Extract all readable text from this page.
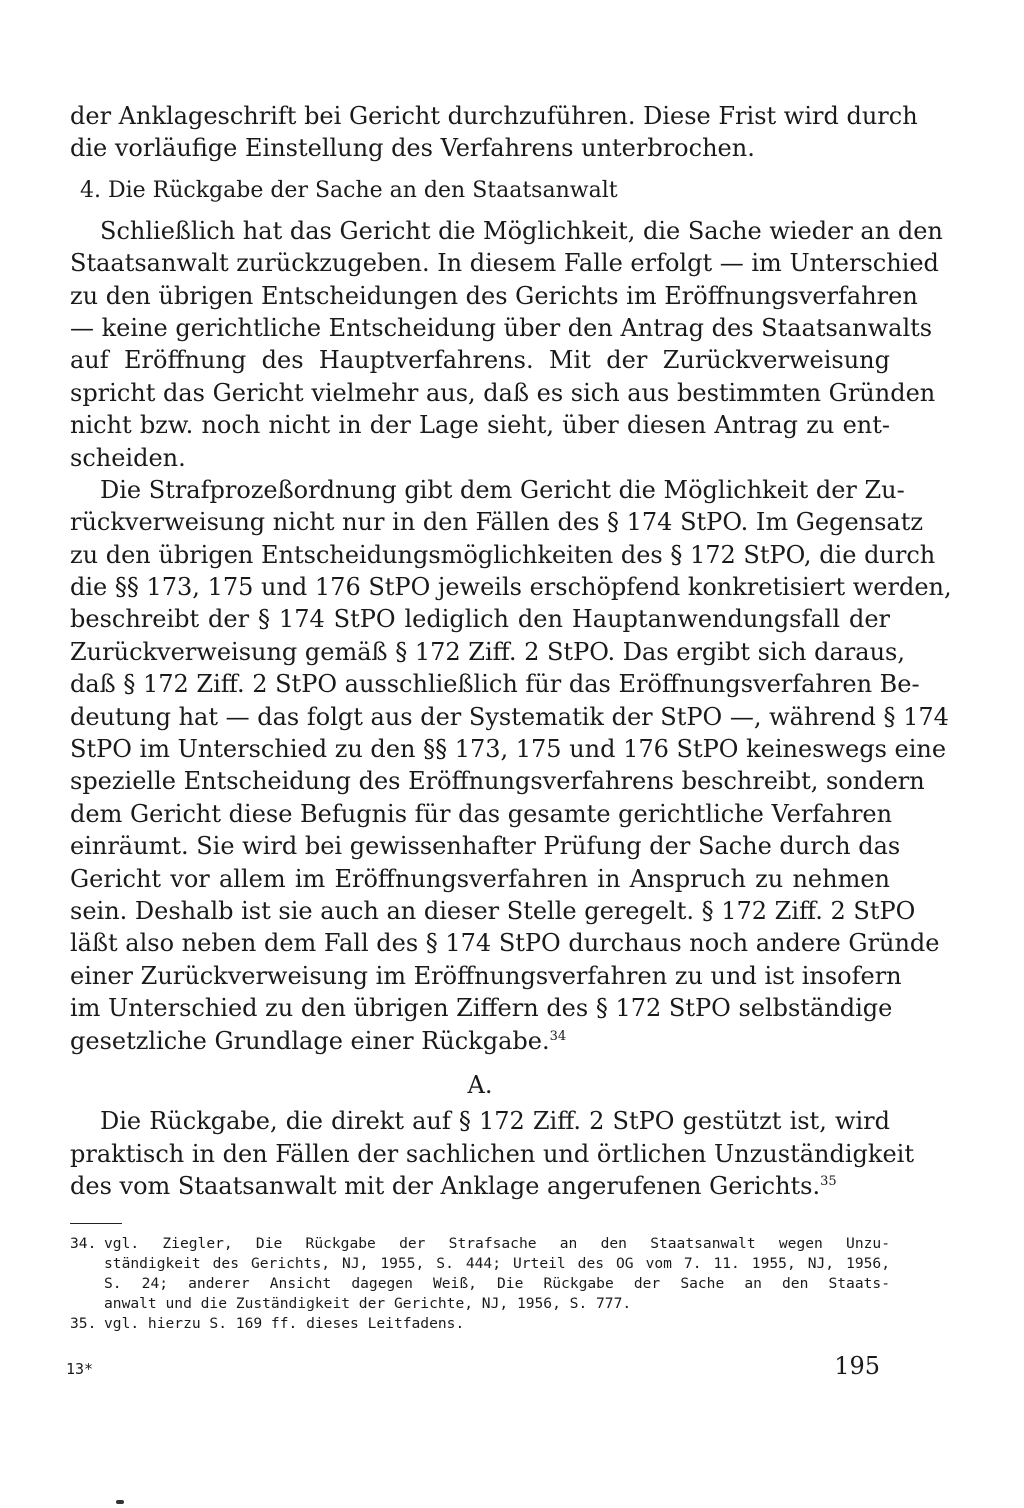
der Anklageschrift bei Gericht durchzuführen. Diese Frist wird durch
die vorläufige Einstellung des Verfahrens unterbrochen.
4. Die Rückgabe der Sache an den Staatsanwalt
Schließlich hat das Gericht die Möglichkeit, die Sache wieder an den
Staatsanwalt zurückzugeben. In diesem Falle erfolgt — im Unterschied
zu den übrigen Entscheidungen des Gerichts im Eröffnungsverfahren
— keine gerichtliche Entscheidung über den Antrag des Staatsanwalts
auf Eröffnung des Hauptverfahrens. Mit der Zurückverweisung
spricht das Gericht vielmehr aus, daß es sich aus bestimmten Gründen
nicht bzw. noch nicht in der Lage sieht, über diesen Antrag zu ent-
scheiden.
Die Strafprozeßordnung gibt dem Gericht die Möglichkeit der Zu-
rückverweisung nicht nur in den Fällen des § 174 StPO. Im Gegensatz
zu den übrigen Entscheidungsmöglichkeiten des § 172 StPO, die durch
die §§ 173, 175 und 176 StPO jeweils erschöpfend konkretisiert werden,
beschreibt der § 174 StPO lediglich den Hauptanwendungsfall der
Zurückverweisung gemäß § 172 Ziff. 2 StPO. Das ergibt sich daraus,
daß § 172 Ziff. 2 StPO ausschließlich für das Eröffnungsverfahren Be-
deutung hat — das folgt aus der Systematik der StPO —, während § 174
StPO im Unterschied zu den §§ 173, 175 und 176 StPO keineswegs eine
spezielle Entscheidung des Eröffnungsverfahrens beschreibt, sondern
dem Gericht diese Befugnis für das gesamte gerichtliche Verfahren
einräumt. Sie wird bei gewissenhafter Prüfung der Sache durch das
Gericht vor allem im Eröffnungsverfahren in Anspruch zu nehmen
sein. Deshalb ist sie auch an dieser Stelle geregelt. § 172 Ziff. 2 StPO
läßt also neben dem Fall des § 174 StPO durchaus noch andere Gründe
einer Zurückverweisung im Eröffnungsverfahren zu und ist insofern
im Unterschied zu den übrigen Ziffern des § 172 StPO selbständige
gesetzliche Grundlage einer Rückgabe.$^{34}$
A.
Die Rückgabe, die direkt auf § 172 Ziff. 2 StPO gestützt ist, wird
praktisch in den Fällen der sachlichen und örtlichen Unzuständigkeit
des vom Staatsanwalt mit der Anklage angerufenen Gerichts.$^{35}$
34. vgl. Ziegler, Die Rückgabe der Strafsache an den Staatsanwalt wegen Unzu-
ständigkeit des Gerichts, NJ, 1955, S. 444; Urteil des OG vom 7. 11. 1955, NJ, 1956,
S. 24; anderer Ansicht dagegen Weiß, Die Rückgabe der Sache an den Staats-
anwalt und die Zuständigkeit der Gerichte, NJ, 1956, S. 777.
35. vgl. hierzu S. 169 ff. dieses Leitfadens.
13*	195
